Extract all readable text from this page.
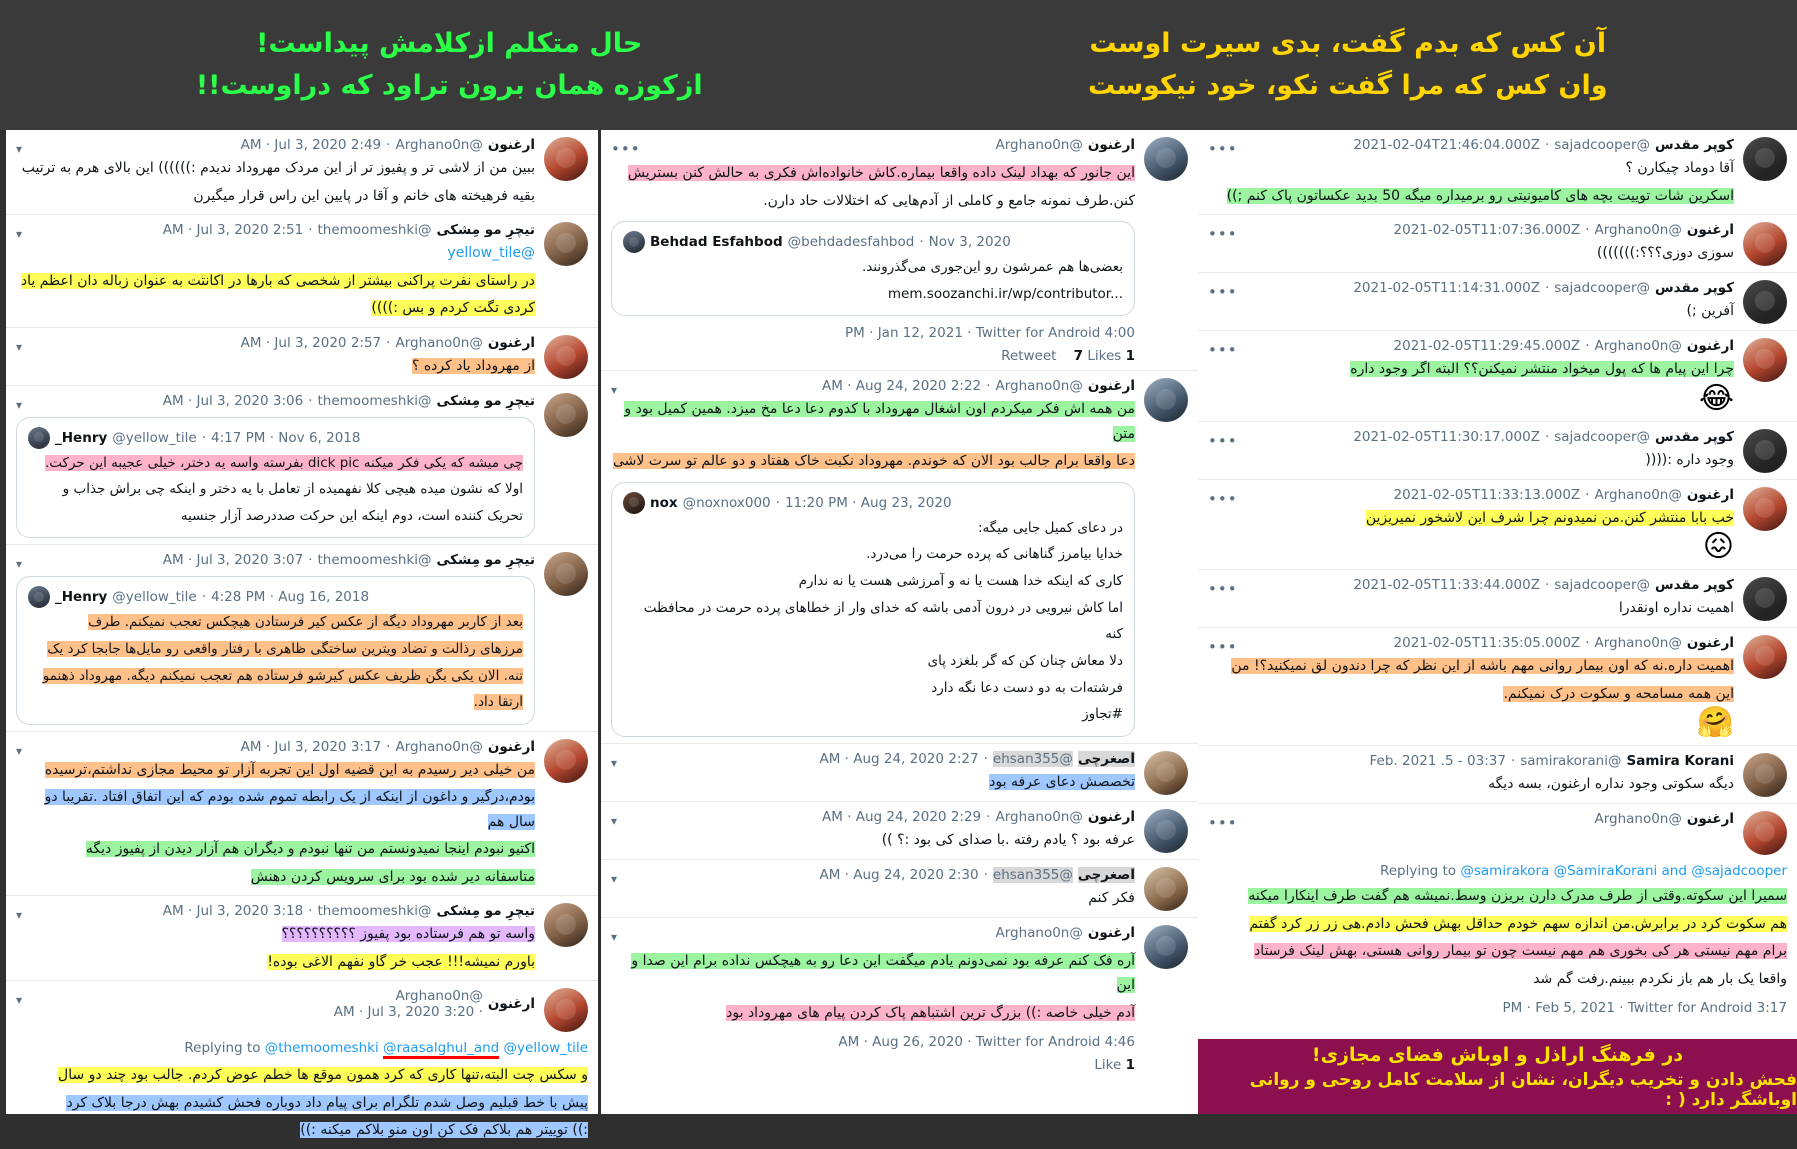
آن کس که بدم گفت، بدی سیرت اوست
وان کس که مرا گفت نکو، خود نیکوست
حال متکلم ازکلامش پیداست!
ازکوزه همان برون تراود که دراوست!!
•••	کوپر مقدس
@sajadcooper
·
2021-02-04T21:46:04.000Z
آقا دوماد چیکارن ؟
اسکرین شات توییت بچه های کامیونیتی رو برمیداره میگه 50 بدید عکساتون پاک کنم ;))
•••	ارغنون
@Arghano0n
·
2021-02-05T11:07:36.000Z
سوزی دوزی؟؟؟:)))))))
•••	کوپر مقدس
@sajadcooper
·
2021-02-05T11:14:31.000Z
آفرین ;)
•••	ارغنون
@Arghano0n
·
2021-02-05T11:29:45.000Z
چرا این پیام ها که پول میخواد منتشر نمیکنن؟؟ البته اگر وجود داره
😂
•••	کوپر مقدس
@sajadcooper
·
2021-02-05T11:30:17.000Z
وجود داره :((((
•••	ارغنون
@Arghano0n
·
2021-02-05T11:33:13.000Z
خب بابا منتشر کنن.من نمیدونم چرا شرف این لاشخور نمیریزین
😖
•••	کوپر مقدس
@sajadcooper
·
2021-02-05T11:33:44.000Z
اهمیت نداره اونقدرا
•••	ارغنون
@Arghano0n
·
2021-02-05T11:35:05.000Z
اهمیت داره.نه که اون بیمار روانی مهم باشه از این نظر که چرا دندون لق نمیکنید؟! من
این همه مسامحه و سکوت درک نمیکنم.
🤗
Samira Korani
@samirakorani
·
03:37 - 5. Feb. 2021
دیگه سکوتی وجود نداره ارغنون، بسه دیگه
•••	ارغنون
@Arghano0n
Replying to @samirakora @SamiraKorani and @sajadcooper
سمیرا این سکوته.وقتی از طرف مدرک دارن بریزن وسط.نمیشه هم گفت طرف اینکارا میکنه
هم سکوت کرد در برابرش.من اندازه سهم خودم حداقل بهش فحش دادم.هی زر زر کرد گفتم
برام مهم نیستی هر کی بخوری هم مهم نیست چون تو بیمار روانی هستی، بهش لینک فرستاد
واقعا یک بار هم باز نکردم ببینم.رفت گم شد
3:17 PM · Feb 5, 2021 · Twitter for Android
در فرهنگ اراذل و اوباش فضای مجازی!
فحش دادن و تخریب دیگران، نشان از سلامت کامل روحی و روانی اوباشگر دارد ( :
•••	ارغنون
@Arghano0n
این جانور که بهداد لینک داده واقعا بیماره.کاش خانواده‌اش فکری به حالش کنن بستریش
کنن.طرف نمونه جامع و کاملی از آدم‌هایی که اختلالات حاد دارن.
Behdad Esfahbod @behdadesfahbod · Nov 3, 2020
بعضی‌ها هم عمرشون رو این‌جوری می‌گذرونند.
mem.soozanchi.ir/wp/contributor...
4:00 PM · Jan 12, 2021 · Twitter for Android
1 Retweet 7 Likes
▾	ارغنون
@Arghano0n
·
2:22 AM · Aug 24, 2020
من همه اش فکر میکردم اون اشغال مهروداد با کدوم دعا دعا مخ میزد. همین کمیل بود و متن
دعا واقعا برام جالب بود الان که خوندم. مهروداد نکبت خاک هفتاد و دو عالم تو سرت لاشی
nox @noxnox000 · 11:20 PM · Aug 23, 2020
در دعای کمیل جایی میگه:
خدایا بیامرز گناهانی که پرده حرمت را می‌درد.
کاری که اینکه خدا هست یا نه و آمرزشی هست یا نه ندارم
اما کاش نیرویی در درون آدمی باشه که خدای وار از خطاهای پرده حرمت در محافظت
کنه
دلا معاش چنان کن که گر بلغزد پای
فرشته‌ات به دو دست دعا نگه دارد
#تجاوز
▾	اصغرچی
@ehsan355
·
2:27 AM · Aug 24, 2020
تخصصش دعای عرفه بود
▾	ارغنون
@Arghano0n
·
2:29 AM · Aug 24, 2020
عرفه بود ؟ یادم رفته .با صدای کی بود :؟ ))
▾	اصغرچی
@ehsan355
·
2:30 AM · Aug 24, 2020
فکر کنم
▾	ارغنون
@Arghano0n
آره فک کنم عرفه بود نمی‌دونم یادم میگفت این دعا رو به هیچکس نداده برام این صدا و این
آدم خیلی خاصه :)) بزرگ ترین اشتباهم پاک کردن پیام های مهروداد بود
4:46 AM · Aug 26, 2020 · Twitter for Android
1 Like
▾	ارغنون
@Arghano0n
·
2:49 AM · Jul 3, 2020
ببین من از لاشی تر و پفیوز تر از این مردک مهروداد ندیدم :)))))) این بالای هرم به ترتیب
بقیه فرهیخته های خانم و آقا در پایین این راس قرار میگیرن
▾	تیچرِ مو مِشکی
@themoomeshki
·
2:51 AM · Jul 3, 2020
@yellow_tile
در راستای نفرت پراکنی بیشتر از شخصی که بارها در اکانتت به عنوان زباله دان اعظم یاد
کردی تگت کردم و بس :))))
▾	ارغنون
@Arghano0n
·
2:57 AM · Jul 3, 2020
از مهروداد یاد کرده ؟
▾	تیچرِ مو مِشکی
@themoomeshki
·
3:06 AM · Jul 3, 2020
_Henry @yellow_tile · 4:17 PM · Nov 6, 2018
چی میشه که یکی فکر میکنه dick pic بفرسته واسه یه دختر، خیلی عجیبه این حرکت.
اولا که نشون میده هیچی کلا نفهمیده از تعامل با یه دختر و اینکه چی براش جذاب و
تحریک کننده است، دوم اینکه این حرکت صددرصد آزار جنسیه
▾	تیچرِ مو مِشکی
@themoomeshki
·
3:07 AM · Jul 3, 2020
_Henry @yellow_tile · 4:28 PM · Aug 16, 2018
بعد از کاربر مهروداد دیگه از عکس کیر فرستادن هیچکس تعجب نمیکنم. طرف
مرزهای رذالت و تضاد ویترین ساختگی ظاهری با رفتار واقعی رو مایل‌ها جابجا کرد یک
تنه. الان یکی بگن ظریف عکس کیرشو فرستاده هم تعجب نمیکنم دیگه. مهروداد ذهنمو
ارتقا داد.
▾	ارغنون
@Arghano0n
·
3:17 AM · Jul 3, 2020
من خیلی دیر رسیدم به این قضیه اول این تجربه آزار تو محیط مجازی نداشتم،ترسیده
بودم،درگیر و داغون از اینکه از یک رابطه تموم شده بودم که این اتفاق افتاد .تقریبا دو سال هم
اکتیو نبودم اینجا نمیدونستم من تنها نبودم و دیگران هم آزار دیدن از پفیوز دیگه
متاسفانه دیر شده بود برای سرویس کردن دهنش
▾	تیچرِ مو مِشکی
@themoomeshki
·
3:18 AM · Jul 3, 2020
واسه تو هم فرستاده بود پفیوز ؟؟؟؟؟؟؟؟؟؟
باورم نمیشه!!! عجب خر گاو نفهم الاغی بوده!
▾	ارغنون
@Arghano0n
· 3:20 AM · Jul 3, 2020
Replying to @themoomeshki @raasalghul_and @yellow_tile
و سکس چت البته،تنها کاری که کرد همون موقع ها خطم عوض کردم. جالب بود چند دو سال
پیش با خط قبلیم وصل شدم تلگرام برای پیام داد دوباره فحش کشیدم بهش درجا بلاک کرد
:)) توییتر هم بلاکم فک کن اون منو بلاکم میکنه :))
